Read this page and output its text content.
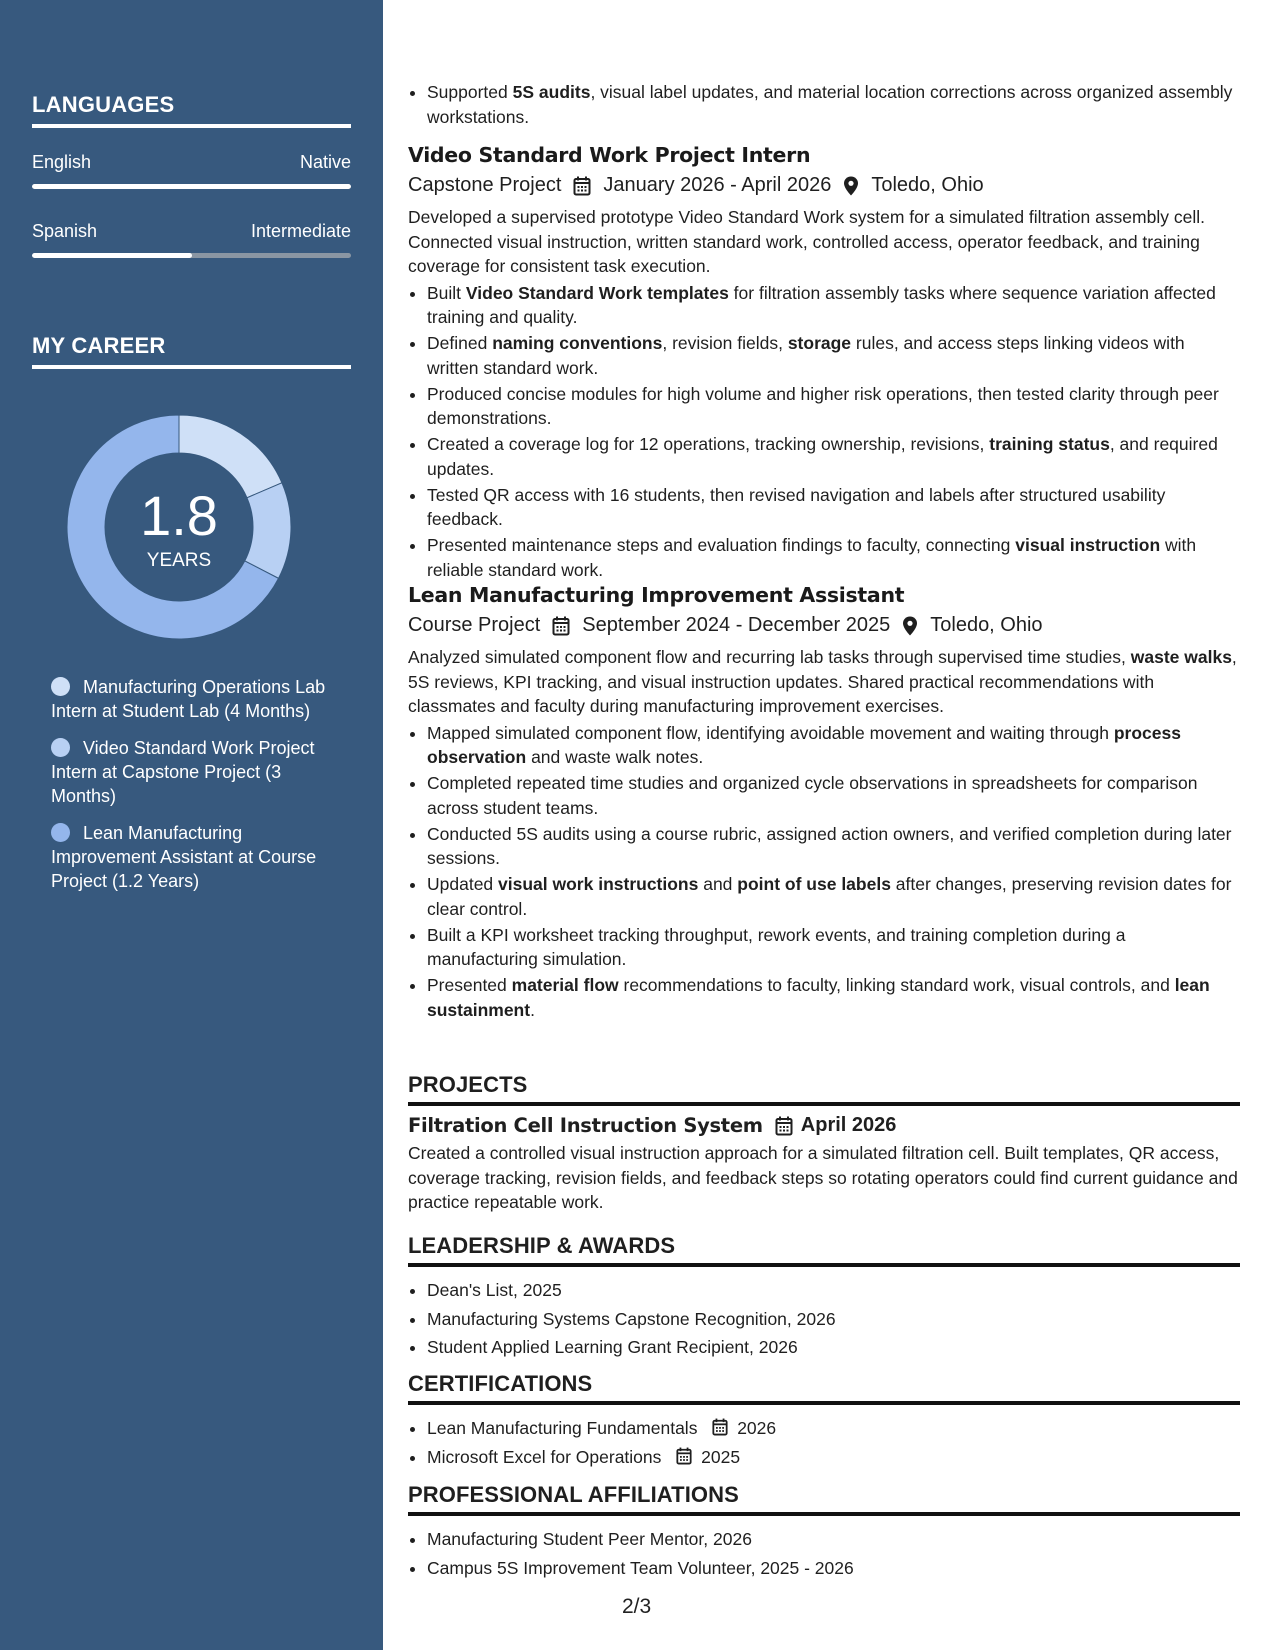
LANGUAGES
English	Native
Spanish	Intermediate
MY CAREER
1.8
YEARS
Manufacturing Operations Lab Intern at Student Lab (4 Months)
Video Standard Work Project Intern at Capstone Project (3 Months)
Lean Manufacturing Improvement Assistant at Course Project (1.2 Years)
• Supported 5S audits, visual label updates, and material location corrections across organized assembly workstations.
Video Standard Work Project Intern
Capstone Project January 2026 - April 2026 Toledo, Ohio
Developed a supervised prototype Video Standard Work system for a simulated filtration assembly cell. Connected visual instruction, written standard work, controlled access, operator feedback, and training coverage for consistent task execution.
• Built Video Standard Work templates for filtration assembly tasks where sequence variation affected training and quality.
• Defined naming conventions, revision fields, storage rules, and access steps linking videos with written standard work.
• Produced concise modules for high volume and higher risk operations, then tested clarity through peer demonstrations.
• Created a coverage log for 12 operations, tracking ownership, revisions, training status, and required updates.
• Tested QR access with 16 students, then revised navigation and labels after structured usability feedback.
• Presented maintenance steps and evaluation findings to faculty, connecting visual instruction with reliable standard work.
Lean Manufacturing Improvement Assistant
Course Project September 2024 - December 2025 Toledo, Ohio
Analyzed simulated component flow and recurring lab tasks through supervised time studies, waste walks, 5S reviews, KPI tracking, and visual instruction updates. Shared practical recommendations with classmates and faculty during manufacturing improvement exercises.
• Mapped simulated component flow, identifying avoidable movement and waiting through process observation and waste walk notes.
• Completed repeated time studies and organized cycle observations in spreadsheets for comparison across student teams.
• Conducted 5S audits using a course rubric, assigned action owners, and verified completion during later sessions.
• Updated visual work instructions and point of use labels after changes, preserving revision dates for clear control.
• Built a KPI worksheet tracking throughput, rework events, and training completion during a manufacturing simulation.
• Presented material flow recommendations to faculty, linking standard work, visual controls, and lean sustainment.
PROJECTS
Filtration Cell Instruction System April 2026
Created a controlled visual instruction approach for a simulated filtration cell. Built templates, QR access, coverage tracking, revision fields, and feedback steps so rotating operators could find current guidance and practice repeatable work.
LEADERSHIP & AWARDS
• Dean's List, 2025
• Manufacturing Systems Capstone Recognition, 2026
• Student Applied Learning Grant Recipient, 2026
CERTIFICATIONS
• Lean Manufacturing Fundamentals 2026
• Microsoft Excel for Operations 2025
PROFESSIONAL AFFILIATIONS
• Manufacturing Student Peer Mentor, 2026
• Campus 5S Improvement Team Volunteer, 2025 - 2026
2/3
